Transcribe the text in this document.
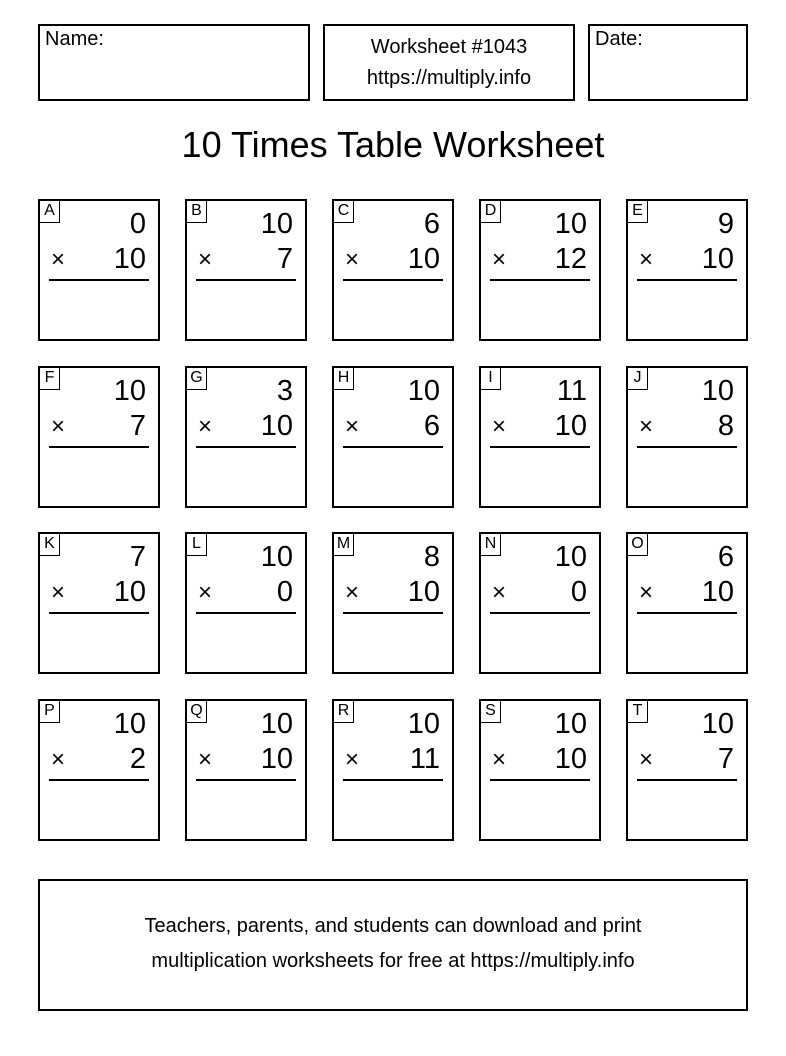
Name:	Worksheet #1043
https://multiply.info
Date:
10 Times Table Worksheet
A	0
× 10
B 10
× 7
C	6
× 10
D 10
× 12
E	9
× 10
F 10
× 7
G	3
× 10
H 10
× 6
I 11
× 10
J 10
× 8
K	7
× 10
L 10
× 0
M	8
× 10
N 10
× 0
O	6
× 10
P 10
× 2
Q 10
× 10
R 10
× 11
S 10
× 10
T 10
× 7
Teachers, parents, and students can download and print
multiplication worksheets for free at https://multiply.info
